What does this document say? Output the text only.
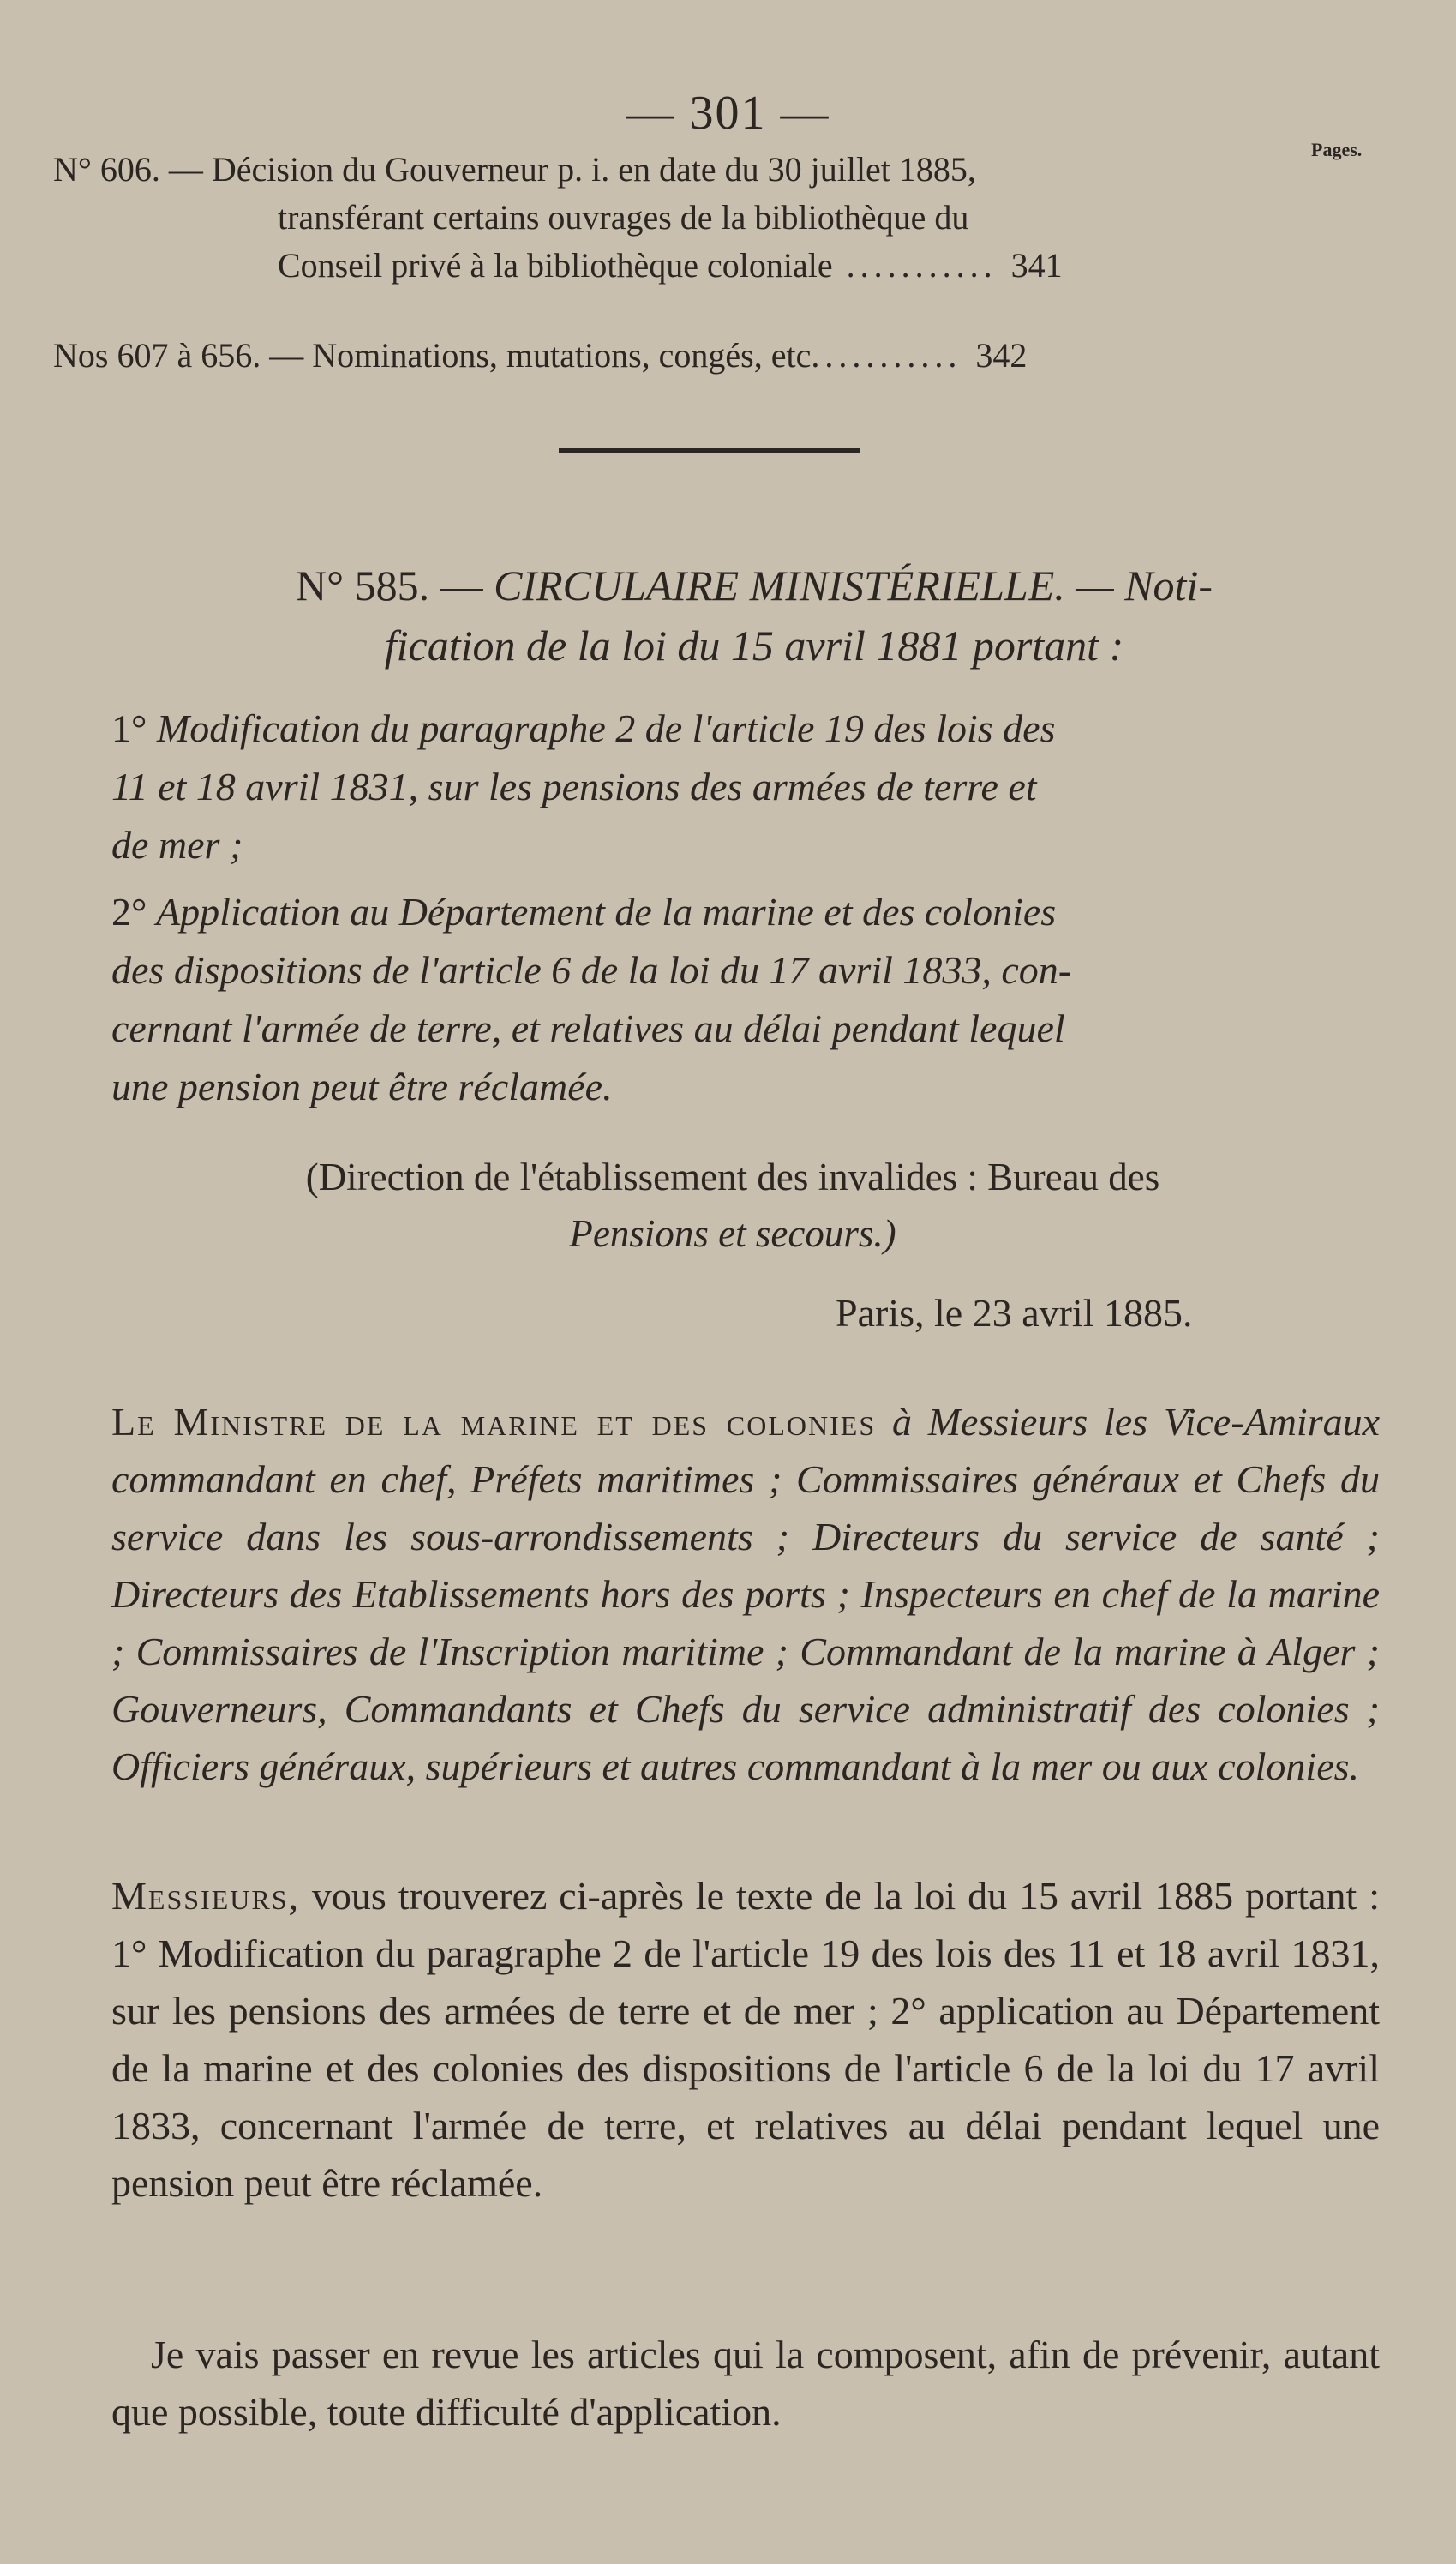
— 301 —

Pages.

N° 606. — Décision du Gouverneur p. i. en date du 30 juillet 1885,
transférant certains ouvrages de la bibliothèque du
Conseil privé à la bibliothèque coloniale ........... 341
Nos 607 à 656. — Nominations, mutations, congés, etc........... 342
N° 585. — CIRCULAIRE MINISTÉRIELLE. — Noti-
fication de la loi du 15 avril 1881 portant :
1° Modification du paragraphe 2 de l'article 19 des lois des
11 et 18 avril 1831, sur les pensions des armées de terre et
de mer ;
2° Application au Département de la marine et des colonies
des dispositions de l'article 6 de la loi du 17 avril 1833, con-
cernant l'armée de terre, et relatives au délai pendant lequel
une pension peut être réclamée.
(Direction de l'établissement des invalides : Bureau des
Pensions et secours.)

Paris, le 23 avril 1885.

Le Ministre de la marine et des colonies à Messieurs les Vice-Amiraux commandant en chef, Préfets maritimes ; Commissaires généraux et Chefs du service dans les sous-arrondissements ; Directeurs du service de santé ; Directeurs des Etablissements hors des ports ; Inspecteurs en chef de la marine ; Commissaires de l'Inscription maritime ; Commandant de la marine à Alger ; Gouverneurs, Commandants et Chefs du service administratif des colonies ; Officiers généraux, supérieurs et autres commandant à la mer ou aux colonies.

Messieurs, vous trouverez ci-après le texte de la loi du 15 avril 1885 portant : 1° Modification du paragraphe 2 de l'article 19 des lois des 11 et 18 avril 1831, sur les pensions des armées de terre et de mer ; 2° application au Département de la marine et des colonies des dispositions de l'article 6 de la loi du 17 avril 1833, concernant l'armée de terre, et relatives au délai pendant lequel une pension peut être réclamée.

Je vais passer en revue les articles qui la composent, afin de prévenir, autant que possible, toute difficulté d'application.
